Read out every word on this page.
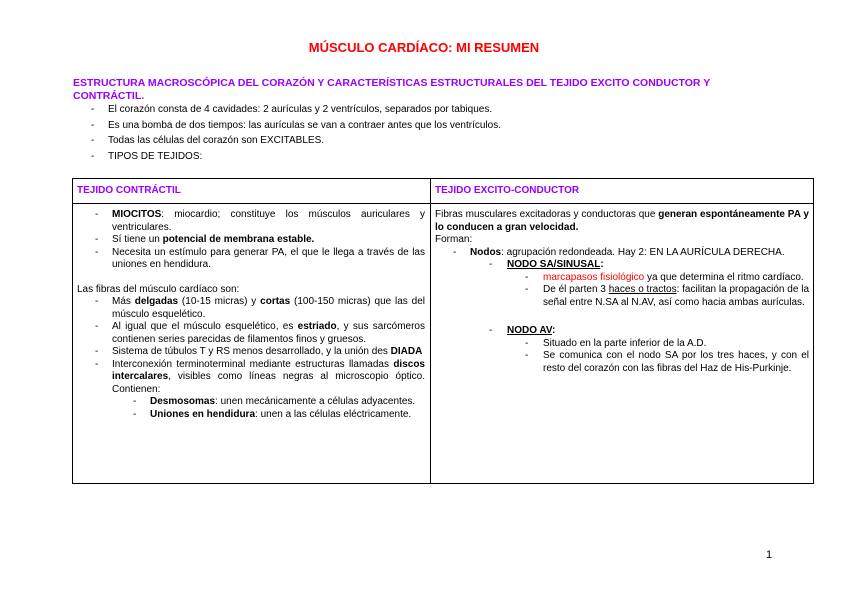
MÚSCULO CARDÍACO: MI RESUMEN
ESTRUCTURA MACROSCÓPICA DEL CORAZÓN Y CARACTERÍSTICAS ESTRUCTURALES DEL TEJIDO EXCITO CONDUCTOR Y CONTRÁCTIL.
- El corazón consta de 4 cavidades: 2 aurículas y 2 ventrículos, separados por tabiques.
- Es una bomba de dos tiempos: las aurículas se van a contraer antes que los ventrículos.
- Todas las células del corazón son EXCITABLES.
- TIPOS DE TEJIDOS:
TEJIDO CONTRÁCTIL	TEJIDO EXCITO-CONDUCTOR
- MIOCITOS: miocardio; constituye los músculos auriculares y ventriculares.
- Sí tiene un potencial de membrana estable.
- Necesita un estímulo para generar PA, el que le llega a través de las uniones en hendidura.
Las fibras del músculo cardíaco son:
- Más delgadas (10-15 micras) y cortas (100-150 micras) que las del músculo esquelético.
- Al igual que el músculo esquelético, es estriado, y sus sarcómeros contienen series parecidas de filamentos finos y gruesos.
- Sistema de túbulos T y RS menos desarrollado, y la unión des DIADA
- Interconexión terminoterminal mediante estructuras llamadas discos intercalares, visibles como líneas negras al microscopio óptico. Contienen:
- Desmosomas: unen mecánicamente a células adyacentes.
- Uniones en hendidura: unen a las células eléctricamente.
Fibras musculares excitadoras y conductoras que generan espontáneamente PA y lo conducen a gran velocidad.
Forman:
- Nodos: agrupación redondeada. Hay 2: EN LA AURÍCULA DERECHA.
- NODO SA/SINUSAL:
- marcapasos fisiológico ya que determina el ritmo cardíaco.
- De él parten 3 haces o tractos: facilitan la propagación de la señal entre N.SA al N.AV, así como hacia ambas aurículas.
- NODO AV:
- Situado en la parte inferior de la A.D.
- Se comunica con el nodo SA por los tres haces, y con el resto del corazón con las fibras del Haz de His-Purkinje.
1
